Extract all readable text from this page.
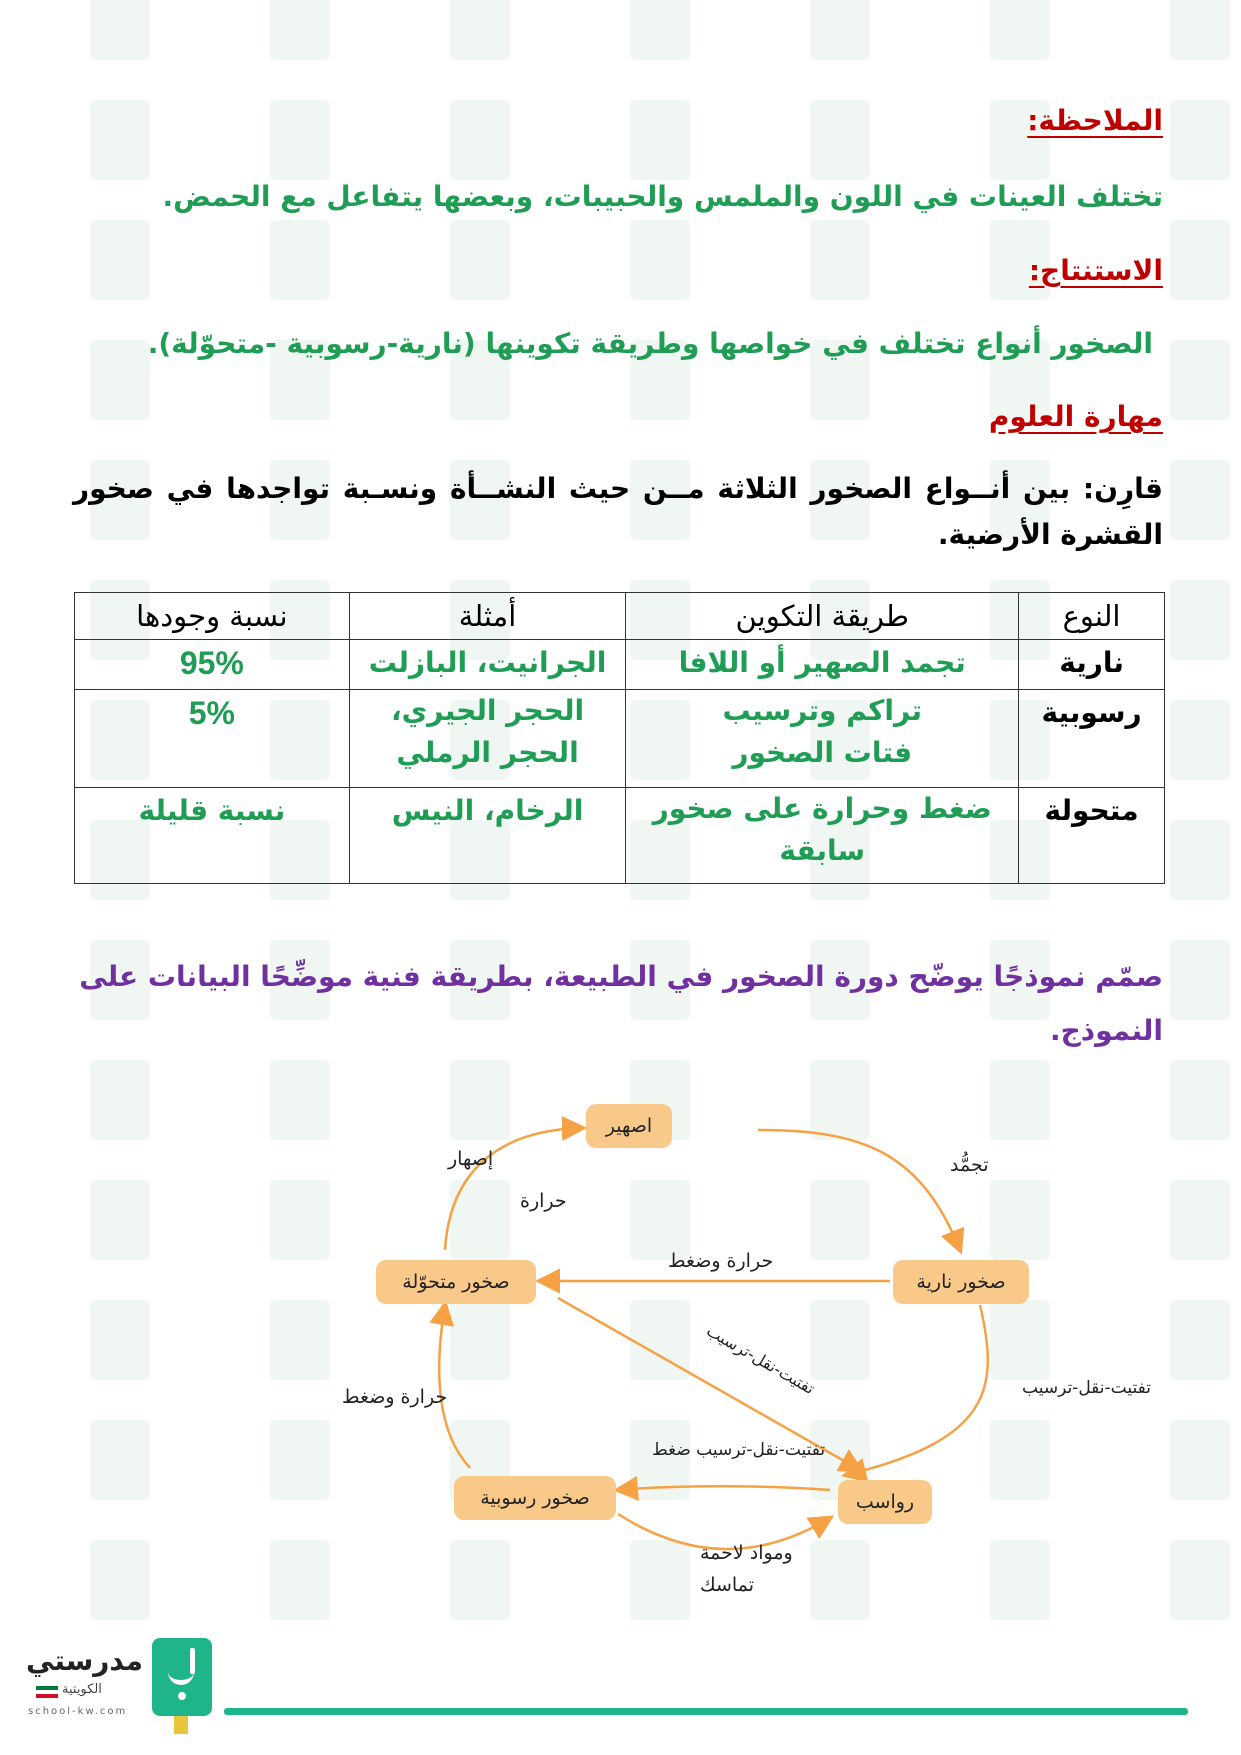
الملاحظة:
تختلف العينات في اللون والملمس والحبيبات، وبعضها يتفاعل مع الحمض.
الاستنتاج:
الصخور أنواع تختلف في خواصها وطريقة تكوينها (نارية-رسوبية -متحوّلة).
مهارة العلوم
قارِن: بين أنــواع الصخور الثلاثة مــن حيث النشــأة ونسـبة تواجدها في صخور القشرة الأرضية.
النوع	طريقة التكوين	أمثلة	نسبة وجودها
نارية	تجمد الصهير أو اللافا	الجرانيت، البازلت	95%
رسوبية	تراكم وترسيب فتات الصخور	الحجر الجيري، الحجر الرملي	5%
متحولة	ضغط وحرارة على صخور سابقة	الرخام، النيس	نسبة قليلة
صمّم نموذجًا يوضّح دورة الصخور في الطبيعة، بطريقة فنية موضِّحًا البيانات على النموذج.
اصهير
صخور نارية
صخور متحوّلة
صخور رسوبية	رواسب
إصهار
حرارة
تجمُّد
حرارة وضغط
تفتيت-نقل-ترسيب	تفتيت-نقل-ترسيب
حرارة وضغط
تفتيت-نقل-ترسيب ضغط
ومواد لاحمة
تماسك
مدرستي
الكويتية
school-kw.com
